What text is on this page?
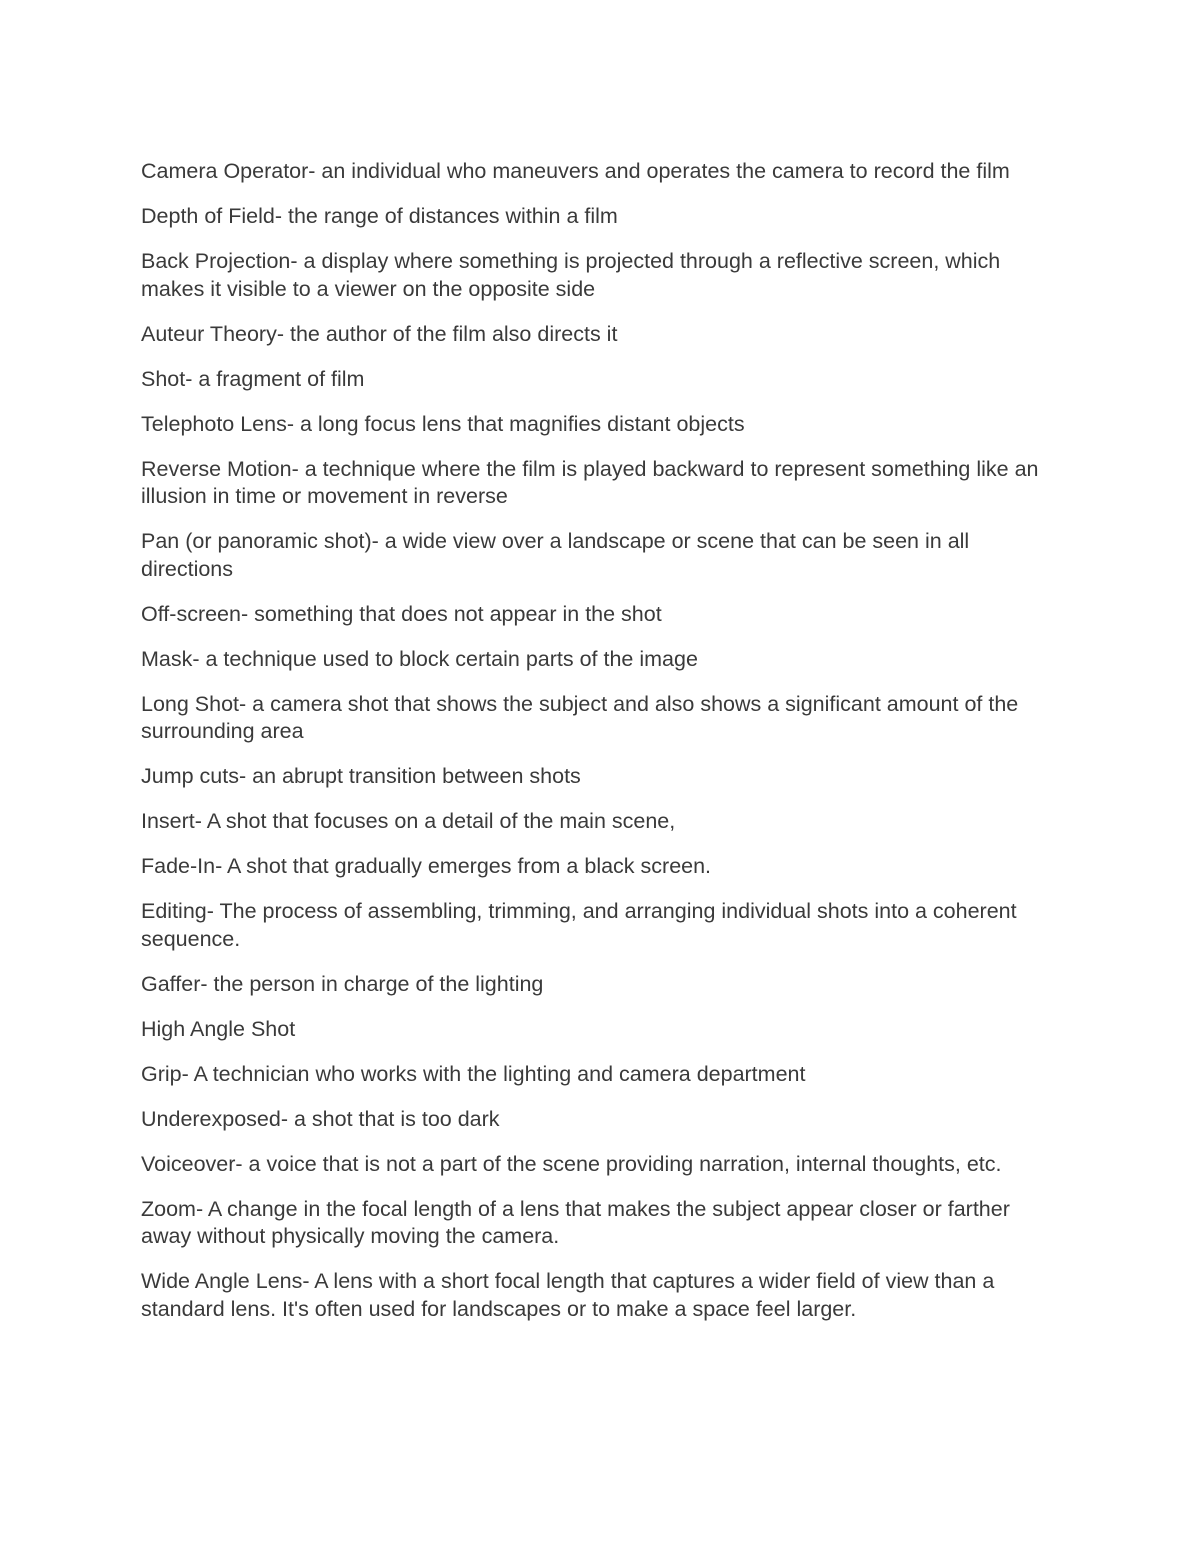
Camera Operator- an individual who maneuvers and operates the camera to record the film

Depth of Field- the range of distances within a film

Back Projection- a display where something is projected through a reflective screen, which makes it visible to a viewer on the opposite side

Auteur Theory- the author of the film also directs it

Shot- a fragment of film

Telephoto Lens- a long focus lens that magnifies distant objects

Reverse Motion- a technique where the film is played backward to represent something like an illusion in time or movement in reverse

Pan (or panoramic shot)- a wide view over a landscape or scene that can be seen in all directions

Off-screen- something that does not appear in the shot

Mask- a technique used to block certain parts of the image

Long Shot- a camera shot that shows the subject and also shows a significant amount of the surrounding area

Jump cuts- an abrupt transition between shots

Insert- A shot that focuses on a detail of the main scene,

Fade-In- A shot that gradually emerges from a black screen.

Editing- The process of assembling, trimming, and arranging individual shots into a coherent sequence.

Gaffer- the person in charge of the lighting

High Angle Shot

Grip- A technician who works with the lighting and camera department

Underexposed- a shot that is too dark

Voiceover- a voice that is not a part of the scene providing narration, internal thoughts, etc.

Zoom- A change in the focal length of a lens that makes the subject appear closer or farther away without physically moving the camera.

Wide Angle Lens- A lens with a short focal length that captures a wider field of view than a standard lens. It's often used for landscapes or to make a space feel larger.
